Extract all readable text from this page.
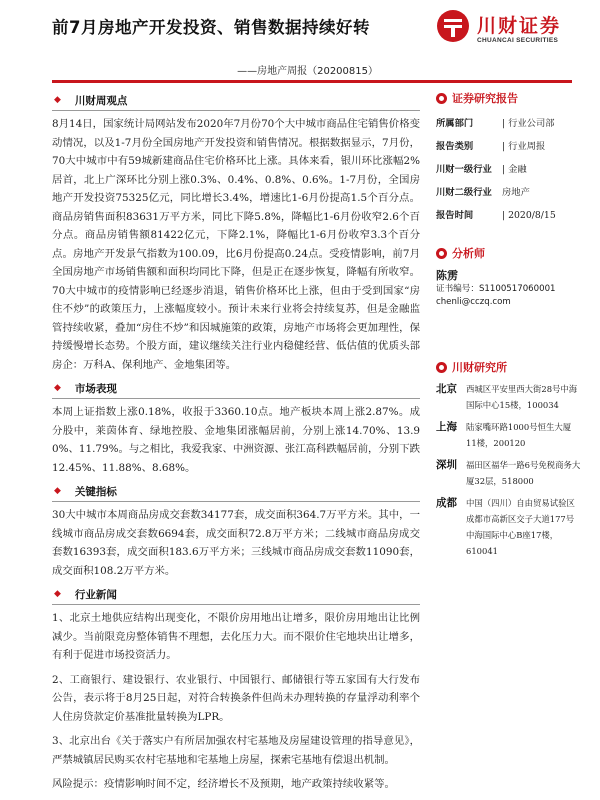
前7月房地产开发投资、销售数据持续好转
——房地产周报（20200815）
川财证券
CHUANCAI SECURITIES
◆ 川财周观点

8月14日，国家统计局网站发布2020年7月份70个大中城市商品住宅销售价格变动情况，以及1-7月份全国房地产开发投资和销售情况。根据数据显示，7月份，70大中城市中有59城新建商品住宅价格环比上涨。具体来看，银川环比涨幅2%居首，北上广深环比分别上涨0.3%、0.4%、0.8%、0.6%。1-7月份，全国房地产开发投资75325亿元，同比增长3.4%，增速比1-6月份提高1.5个百分点。商品房销售面积83631万平方米，同比下降5.8%，降幅比1-6月份收窄2.6个百分点。商品房销售额81422亿元，下降2.1%，降幅比1-6月份收窄3.3个百分点。房地产开发景气指数为100.09，比6月份提高0.24点。受疫情影响，前7月全国房地产市场销售额和面积均同比下降，但是正在逐步恢复，降幅有所收窄。70大中城市的疫情影响已经逐步消退，销售价格环比上涨，但由于受到国家“房住不炒”的政策压力，上涨幅度较小。预计未来行业将会持续复苏，但是金融监管持续收紧，叠加“房住不炒”和因城施策的政策，房地产市场将会更加理性，保持缓慢增长态势。个股方面，建议继续关注行业内稳健经营、低估值的优质头部房企：万科A、保利地产、金地集团等。

◆ 市场表现

本周上证指数上涨0.18%，收报于3360.10点。地产板块本周上涨2.87%。成分股中，莱茵体育、绿地控股、金地集团涨幅居前，分别上涨14.70%、13.90%、11.79%。与之相比，我爱我家、中洲资源、张江高科跌幅居前，分别下跌12.45%、11.88%、8.68%。

◆ 关键指标

30大中城市本周商品房成交套数34177套，成交面积364.7万平方米。其中，一线城市商品房成交套数6694套，成交面积72.8万平方米；二线城市商品房成交套数16393套，成交面积183.6万平方米；三线城市商品房成交套数11090套，成交面积108.2万平方米。

◆ 行业新闻

1、北京土地供应结构出现变化，不限价房用地出让增多，限价房用地出让比例减少。当前限竞房整体销售不理想，去化压力大。而不限价住宅地块出让增多，有利于促进市场投资活力。

2、工商银行、建设银行、农业银行、中国银行、邮储银行等五家国有大行发布公告，表示将于8月25日起，对符合转换条件但尚未办理转换的存量浮动利率个人住房贷款定价基准批量转换为LPR。

3、北京出台《关于落实户有所居加强农村宅基地及房屋建设管理的指导意见》，严禁城镇居民购买农村宅基地和宅基地上房屋，探索宅基地有偿退出机制。

风险提示：疫情影响时间不定，经济增长不及预期，地产政策持续收紧等。

证券研究报告
所属部门	| 行业公司部
报告类别	| 行业周报
川财一级行业	| 金融
川财二级行业	房地产
报告时间	| 2020/8/15
分析师
陈雳
证书编号：S1100517060001
chenli@cczq.com
川财研究所
北京	西城区平安里西大街28号中海国际中心15楼，100034
上海	陆家嘴环路1000号恒生大厦11楼，200120
深圳	福田区福华一路6号免税商务大厦32层，518000
成都	中国（四川）自由贸易试验区成都市高新区交子大道177号中海国际中心B座17楼，610041
